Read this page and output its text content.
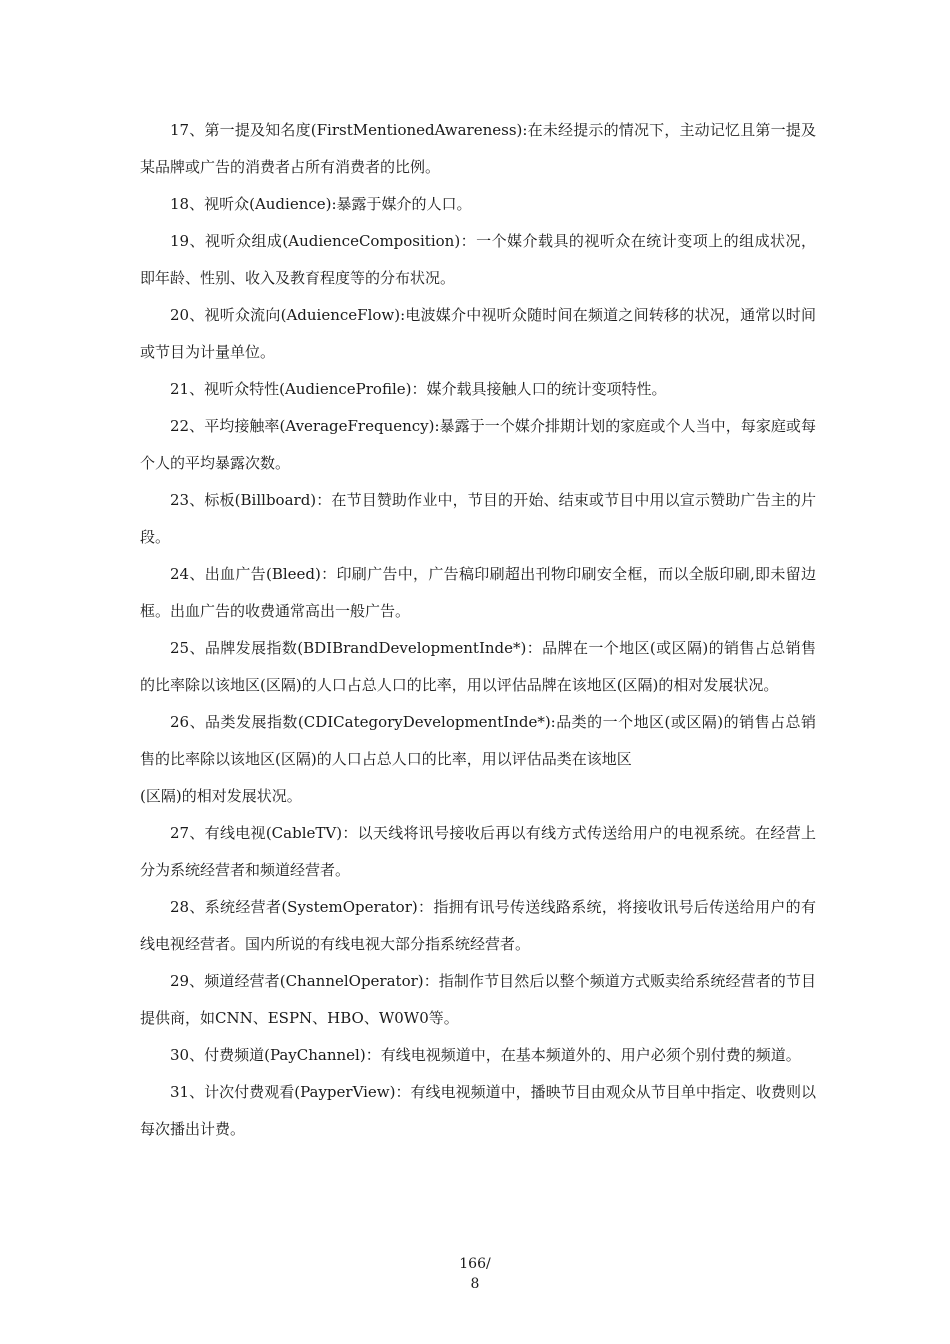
17、第一提及知名度(FirstMentionedAwareness):在未经提示的情况下，主动记忆且第一提及某品牌或广告的消费者占所有消费者的比例。

18、视听众(Audience):暴露于媒介的人口。

19、视听众组成(AudienceComposition)：一个媒介载具的视听众在统计变项上的组成状况，即年龄、性别、收入及教育程度等的分布状况。

20、视听众流向(AduienceFlow):电波媒介中视听众随时间在频道之间转移的状况，通常以时间或节目为计量单位。

21、视听众特性(AudienceProfile)：媒介载具接触人口的统计变项特性。

22、平均接触率(AverageFrequency):暴露于一个媒介排期计划的家庭或个人当中，每家庭或每个人的平均暴露次数。

23、标板(Billboard)：在节目赞助作业中，节目的开始、结束或节目中用以宣示赞助广告主的片段。

24、出血广告(Bleed)：印刷广告中，广告稿印刷超出刊物印刷安全框，而以全版印刷,即未留边框。出血广告的收费通常高出一般广告。

25、品牌发展指数(BDIBrandDevelopmentInde*)：品牌在一个地区(或区隔)的销售占总销售的比率除以该地区(区隔)的人口占总人口的比率，用以评估品牌在该地区(区隔)的相对发展状况。

26、品类发展指数(CDICategoryDevelopmentInde*):品类的一个地区(或区隔)的销售占总销售的比率除以该地区(区隔)的人口占总人口的比率，用以评估品类在该地区

(区隔)的相对发展状况。

27、有线电视(CableTV)：以天线将讯号接收后再以有线方式传送给用户的电视系统。在经营上分为系统经营者和频道经营者。

28、系统经营者(SystemOperator)：指拥有讯号传送线路系统，将接收讯号后传送给用户的有线电视经营者。国内所说的有线电视大部分指系统经营者。

29、频道经营者(ChannelOperator)：指制作节目然后以整个频道方式贩卖给系统经营者的节目提供商，如CNN、ESPN、HBO、W0W0等。

30、付费频道(PayChannel)：有线电视频道中，在基本频道外的、用户必须个别付费的频道。

31、计次付费观看(PayperView)：有线电视频道中，播映节目由观众从节目单中指定、收费则以每次播出计费。

166/
8
